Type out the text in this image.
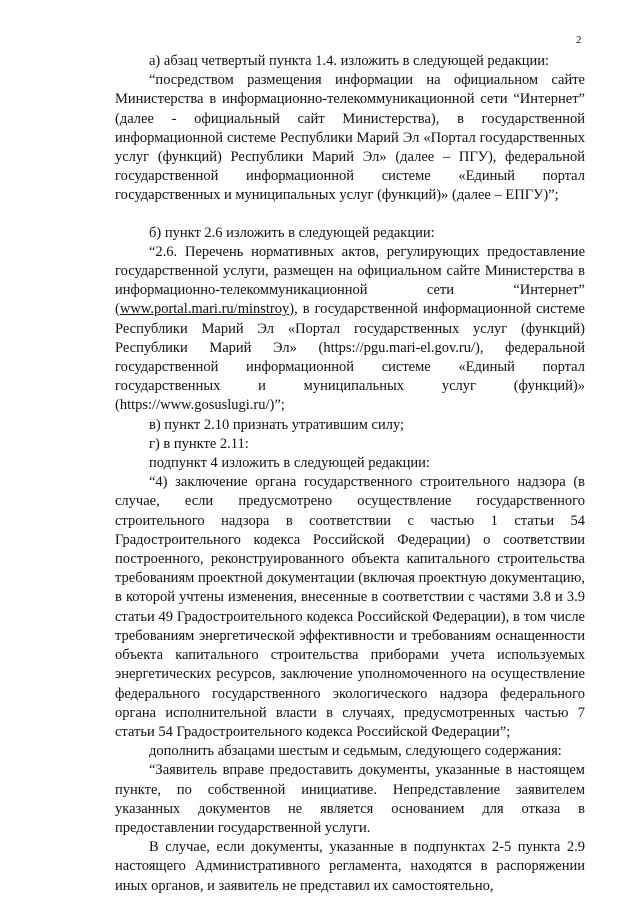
2

а) абзац четвертый пункта 1.4. изложить в следующей редакции:

“посредством размещения информации на официальном сайте Министерства в информационно-телекоммуникационной сети “Интернет” (далее - официальный сайт Министерства), в государственной информационной системе Республики Марий Эл «Портал государственных услуг (функций) Республики Марий Эл» (далее – ПГУ), федеральной государственной информационной системе «Единый портал государственных и муниципальных услуг (функций)» (далее – ЕПГУ)”;

б) пункт 2.6 изложить в следующей редакции:

“2.6. Перечень нормативных актов, регулирующих предоставление государственной услуги, размещен на официальном сайте Министерства в информационно-телекоммуникационной сети “Интернет” (www.portal.mari.ru/minstroy), в государственной информационной системе Республики Марий Эл «Портал государственных услуг (функций) Республики Марий Эл» (https://pgu.mari-el.gov.ru/), федеральной государственной информационной системе «Единый портал государственных и муниципальных услуг (функций)» (https://www.gosuslugi.ru/)”;

в) пункт 2.10 признать утратившим силу;

г) в пункте 2.11:

подпункт 4 изложить в следующей редакции:

“4) заключение органа государственного строительного надзора (в случае, если предусмотрено осуществление государственного строительного надзора в соответствии с частью 1 статьи 54 Градостроительного кодекса Российской Федерации) о соответствии построенного, реконструированного объекта капитального строительства требованиям проектной документации (включая проектную документацию, в которой учтены изменения, внесенные в соответствии с частями 3.8 и 3.9 статьи 49 Градостроительного кодекса Российской Федерации), в том числе требованиям энергетической эффективности и требованиям оснащенности объекта капитального строительства приборами учета используемых энергетических ресурсов, заключение уполномоченного на осуществление федерального государственного экологического надзора федерального органа исполнительной власти в случаях, предусмотренных частью 7 статьи 54 Градостроительного кодекса Российской Федерации”;

дополнить абзацами шестым и седьмым, следующего содержания:

“Заявитель вправе предоставить документы, указанные в настоящем пункте, по собственной инициативе. Непредставление заявителем указанных документов не является основанием для отказа в предоставлении государственной услуги.

В случае, если документы, указанные в подпунктах 2-5 пункта 2.9 настоящего Административного регламента, находятся в распоряжении иных органов, и заявитель не представил их самостоятельно,
